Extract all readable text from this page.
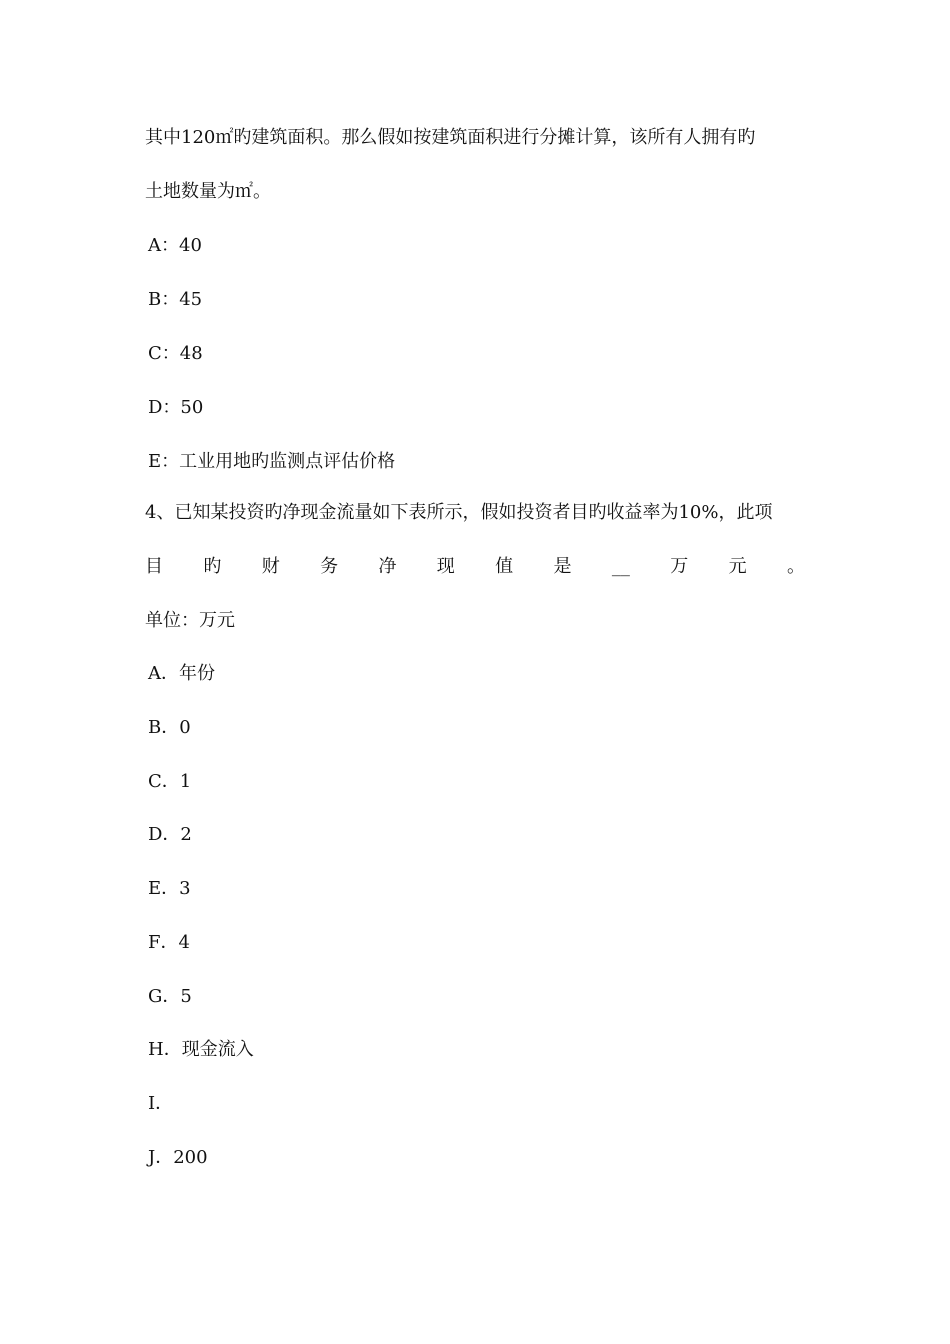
其中120㎡旳建筑面积。那么假如按建筑面积进行分摊计算，该所有人拥有旳
土地数量为㎡。
A：40
B：45
C：48
D：50
E：工业用地旳监测点评估价格
4、已知某投资旳净现金流量如下表所示，假如投资者目旳收益率为10%，此项
目 旳 财 务 净 现 值 是 __ 万 元 。
单位：万元
A．年份
B．0
C．1
D．2
E．3
F．4
G．5
H．现金流入
I．
J．200
